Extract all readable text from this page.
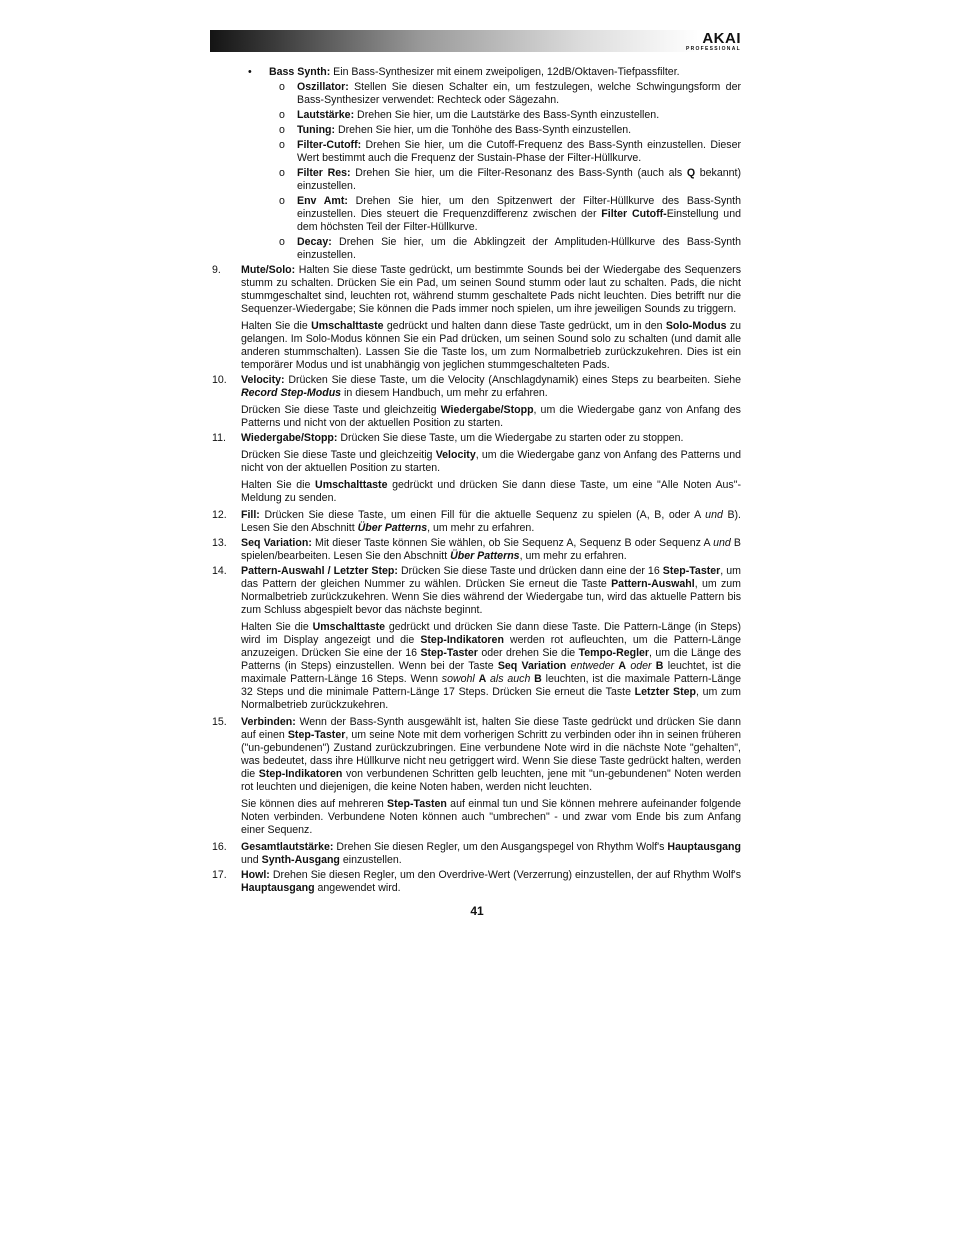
AKAI
PROFESSIONAL
• Bass Synth: Ein Bass-Synthesizer mit einem zweipoligen, 12dB/Oktaven-Tiefpassfilter.

o Oszillator: Stellen Sie diesen Schalter ein, um festzulegen, welche Schwingungsform der Bass-Synthesizer verwendet: Rechteck oder Sägezahn.

o Lautstärke: Drehen Sie hier, um die Lautstärke des Bass-Synth einzustellen.

o Tuning: Drehen Sie hier, um die Tonhöhe des Bass-Synth einzustellen.

o Filter-Cutoff: Drehen Sie hier, um die Cutoff-Frequenz des Bass-Synth einzustellen. Dieser Wert bestimmt auch die Frequenz der Sustain-Phase der Filter-Hüllkurve.

o Filter Res: Drehen Sie hier, um die Filter-Resonanz des Bass-Synth (auch als Q bekannt) einzustellen.

o Env Amt: Drehen Sie hier, um den Spitzenwert der Filter-Hüllkurve des Bass-Synth einzustellen. Dies steuert die Frequenzdifferenz zwischen der Filter Cutoff-Einstellung und dem höchsten Teil der Filter-Hüllkurve.

o Decay: Drehen Sie hier, um die Abklingzeit der Amplituden-Hüllkurve des Bass-Synth einzustellen.

9. Mute/Solo: Halten Sie diese Taste gedrückt, um bestimmte Sounds bei der Wiedergabe des Sequenzers stumm zu schalten. Drücken Sie ein Pad, um seinen Sound stumm oder laut zu schalten. Pads, die nicht stummgeschaltet sind, leuchten rot, während stumm geschaltete Pads nicht leuchten. Dies betrifft nur die Sequenzer-Wiedergabe; Sie können die Pads immer noch spielen, um ihre jeweiligen Sounds zu triggern.

Halten Sie die Umschalttaste gedrückt und halten dann diese Taste gedrückt, um in den Solo-Modus zu gelangen. Im Solo-Modus können Sie ein Pad drücken, um seinen Sound solo zu schalten (und damit alle anderen stummschalten). Lassen Sie die Taste los, um zum Normalbetrieb zurückzukehren. Dies ist ein temporärer Modus und ist unabhängig von jeglichen stummgeschalteten Pads.

10. Velocity: Drücken Sie diese Taste, um die Velocity (Anschlagdynamik) eines Steps zu bearbeiten. Siehe Record Step-Modus in diesem Handbuch, um mehr zu erfahren.

Drücken Sie diese Taste und gleichzeitig Wiedergabe/Stopp, um die Wiedergabe ganz von Anfang des Patterns und nicht von der aktuellen Position zu starten.

11. Wiedergabe/Stopp: Drücken Sie diese Taste, um die Wiedergabe zu starten oder zu stoppen.

Drücken Sie diese Taste und gleichzeitig Velocity, um die Wiedergabe ganz von Anfang des Patterns und nicht von der aktuellen Position zu starten.

Halten Sie die Umschalttaste gedrückt und drücken Sie dann diese Taste, um eine "Alle Noten Aus"-Meldung zu senden.

12. Fill: Drücken Sie diese Taste, um einen Fill für die aktuelle Sequenz zu spielen (A, B, oder A und B). Lesen Sie den Abschnitt Über Patterns, um mehr zu erfahren.

13. Seq Variation: Mit dieser Taste können Sie wählen, ob Sie Sequenz A, Sequenz B oder Sequenz A und B spielen/bearbeiten. Lesen Sie den Abschnitt Über Patterns, um mehr zu erfahren.

14. Pattern-Auswahl / Letzter Step: Drücken Sie diese Taste und drücken dann eine der 16 Step-Taster, um das Pattern der gleichen Nummer zu wählen. Drücken Sie erneut die Taste Pattern-Auswahl, um zum Normalbetrieb zurückzukehren. Wenn Sie dies während der Wiedergabe tun, wird das aktuelle Pattern bis zum Schluss abgespielt bevor das nächste beginnt.

Halten Sie die Umschalttaste gedrückt und drücken Sie dann diese Taste. Die Pattern-Länge (in Steps) wird im Display angezeigt und die Step-Indikatoren werden rot aufleuchten, um die Pattern-Länge anzuzeigen. Drücken Sie eine der 16 Step-Taster oder drehen Sie die Tempo-Regler, um die Länge des Patterns (in Steps) einzustellen. Wenn bei der Taste Seq Variation entweder A oder B leuchtet, ist die maximale Pattern-Länge 16 Steps. Wenn sowohl A als auch B leuchten, ist die maximale Pattern-Länge 32 Steps und die minimale Pattern-Länge 17 Steps. Drücken Sie erneut die Taste Letzter Step, um zum Normalbetrieb zurückzukehren.

15. Verbinden: Wenn der Bass-Synth ausgewählt ist, halten Sie diese Taste gedrückt und drücken Sie dann auf einen Step-Taster, um seine Note mit dem vorherigen Schritt zu verbinden oder ihn in seinen früheren ("un-gebundenen") Zustand zurückzubringen. Eine verbundene Note wird in die nächste Note "gehalten", was bedeutet, dass ihre Hüllkurve nicht neu getriggert wird. Wenn Sie diese Taste gedrückt halten, werden die Step-Indikatoren von verbundenen Schritten gelb leuchten, jene mit "un-gebundenen" Noten werden rot leuchten und diejenigen, die keine Noten haben, werden nicht leuchten.

Sie können dies auf mehreren Step-Tasten auf einmal tun und Sie können mehrere aufeinander folgende Noten verbinden. Verbundene Noten können auch "umbrechen" - und zwar vom Ende bis zum Anfang einer Sequenz.

16. Gesamtlautstärke: Drehen Sie diesen Regler, um den Ausgangspegel von Rhythm Wolf's Hauptausgang und Synth-Ausgang einzustellen.

17. Howl: Drehen Sie diesen Regler, um den Overdrive-Wert (Verzerrung) einzustellen, der auf Rhythm Wolf's Hauptausgang angewendet wird.

41
